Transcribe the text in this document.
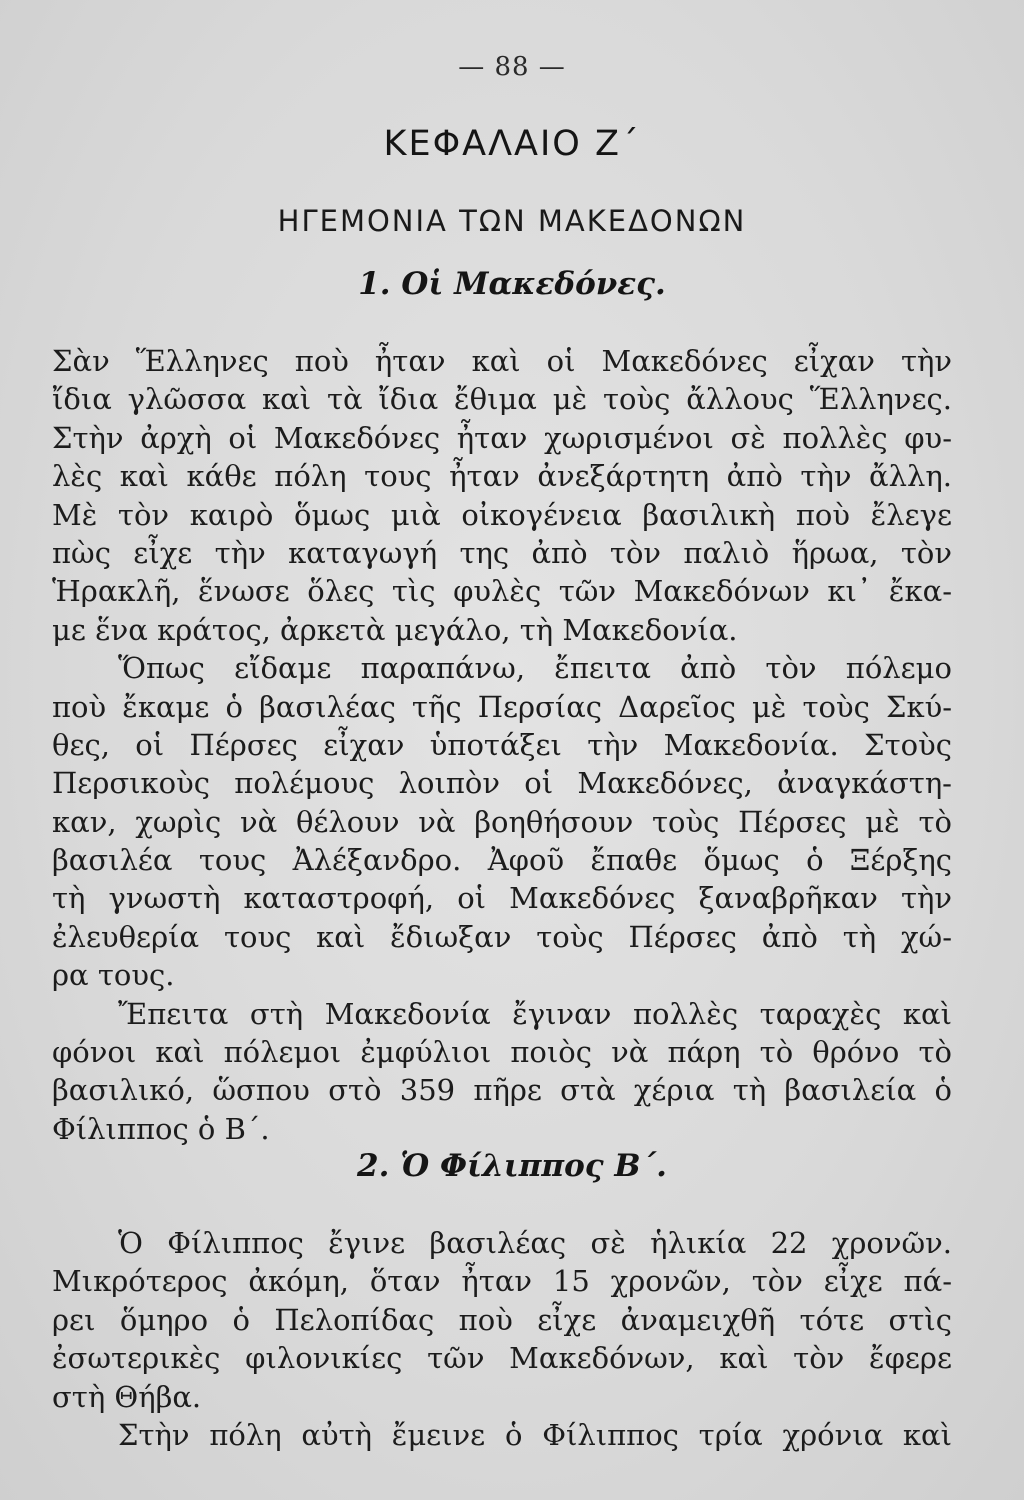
— 88 —
ΚΕΦΑΛΑΙΟ Ζ΄
ΗΓΕΜΟΝΙΑ ΤΩΝ ΜΑΚΕΔΟΝΩΝ
1. Οἱ Μακεδόνες.
Σὰν Ἕλληνες ποὺ ἦταν καὶ οἱ Μακεδόνες εἶχαν τὴν
ἴδια γλῶσσα καὶ τὰ ἴδια ἔθιμα μὲ τοὺς ἄλλους Ἕλληνες.
Στὴν ἀρχὴ οἱ Μακεδόνες ἦταν χωρισμένοι σὲ πολλὲς φυ-
λὲς καὶ κάθε πόλη τους ἦταν ἀνεξάρτητη ἀπὸ τὴν ἄλλη.
Μὲ τὸν καιρὸ ὅμως μιὰ οἰκογένεια βασιλικὴ ποὺ ἔλεγε
πὼς εἶχε τὴν καταγωγή της ἀπὸ τὸν παλιὸ ἥρωα, τὸν
Ἡρακλῆ, ἕνωσε ὅλες τὶς φυλὲς τῶν Μακεδόνων κι᾿ ἔκα-
με ἕνα κράτος, ἀρκετὰ μεγάλο, τὴ Μακεδονία.
Ὅπως εἴδαμε παραπάνω, ἔπειτα ἀπὸ τὸν πόλεμο
ποὺ ἔκαμε ὁ βασιλέας τῆς Περσίας Δαρεῖος μὲ τοὺς Σκύ-
θες, οἱ Πέρσες εἶχαν ὑποτάξει τὴν Μακεδονία. Στοὺς
Περσικοὺς πολέμους λοιπὸν οἱ Μακεδόνες, ἀναγκάστη-
καν, χωρὶς νὰ θέλουν νὰ βοηθήσουν τοὺς Πέρσες μὲ τὸ
βασιλέα τους Ἀλέξανδρο. Ἀφοῦ ἔπαθε ὅμως ὁ Ξέρξης
τὴ γνωστὴ καταστροφή, οἱ Μακεδόνες ξαναβρῆκαν τὴν
ἐλευθερία τους καὶ ἔδιωξαν τοὺς Πέρσες ἀπὸ τὴ χώ-
ρα τους.
Ἔπειτα στὴ Μακεδονία ἔγιναν πολλὲς ταραχὲς καὶ
φόνοι καὶ πόλεμοι ἐμφύλιοι ποιὸς νὰ πάρη τὸ θρόνο τὸ
βασιλικό, ὥσπου στὸ 359 πῆρε στὰ χέρια τὴ βασιλεία ὁ
Φίλιππος ὁ Β΄.
2. Ὁ Φίλιππος Β΄.
Ὁ Φίλιππος ἔγινε βασιλέας σὲ ἡλικία 22 χρονῶν.
Μικρότερος ἀκόμη, ὅταν ἦταν 15 χρονῶν, τὸν εἶχε πά-
ρει ὅμηρο ὁ Πελοπίδας ποὺ εἶχε ἀναμειχθῆ τότε στὶς
ἐσωτερικὲς φιλονικίες τῶν Μακεδόνων, καὶ τὸν ἔφερε
στὴ Θήβα.
Στὴν πόλη αὐτὴ ἔμεινε ὁ Φίλιππος τρία χρόνια καὶ
